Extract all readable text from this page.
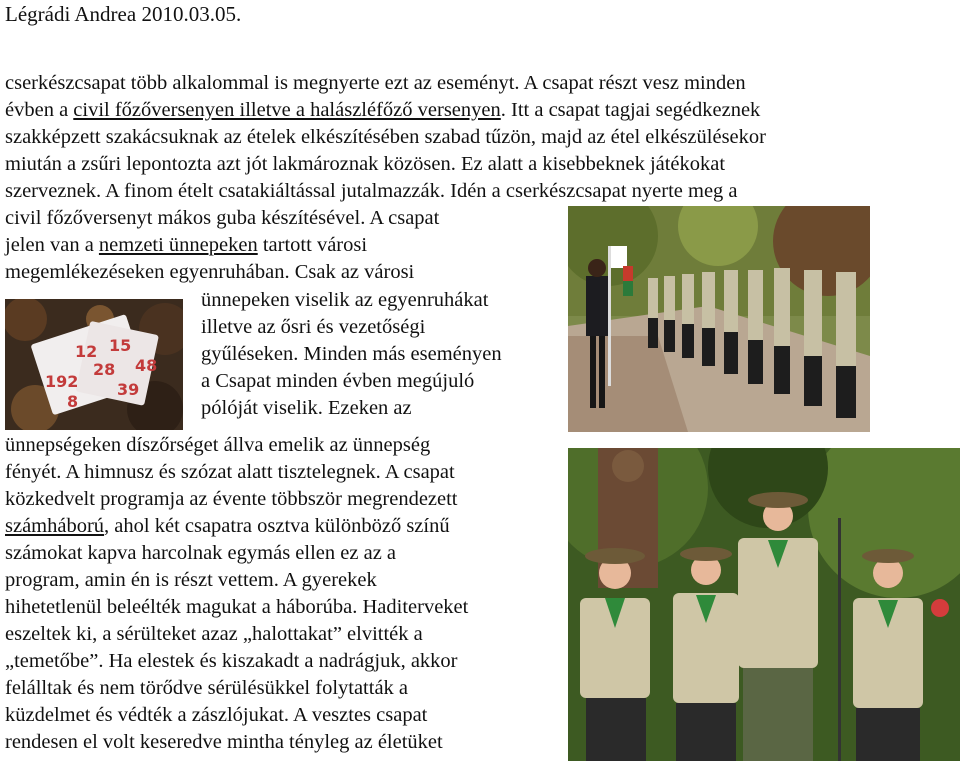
Légrádi Andrea 2010.03.05.
cserkészcsapat több alkalommal is megnyerte ezt az eseményt. A csapat részt vesz minden
évben a civil főzőversenyen illetve a halászléfőző versenyen. Itt a csapat tagjai segédkeznek
szakképzett szakácsuknak az ételek elkészítésében szabad tűzön, majd az étel elkészülésekor
miután a zsűri lepontozta azt jót lakmároznak közösen. Ez alatt a kisebbeknek játékokat
szerveznek. A finom ételt csatakiáltással jutalmazzák. Idén a cserkészcsapat nyerte meg a
civil főzőversenyt mákos guba készítésével. A csapat
jelen van a nemzeti ünnepeken tartott városi
megemlékezéseken egyenruhában. Csak az városi
ünnepeken viselik az egyenruhákat
illetve az ősri és vezetőségi
gyűléseken. Minden más eseményen
a Csapat minden évben megújuló
pólóját viselik. Ezeken az
ünnepségeken díszőrséget állva emelik az ünnepség
fényét. A himnusz és szózat alatt tisztelegnek. A csapat
közkedvelt programja az évente többször megrendezett
számháború, ahol két csapatra osztva különböző színű
számokat kapva harcolnak egymás ellen ez az a
program, amin én is részt vettem. A gyerekek
hihetetlenül beleélték magukat a háborúba. Haditerveket
eszeltek ki, a sérülteket azaz „halottakat” elvitték a
„temetőbe”. Ha elestek és kiszakadt a nadrágjuk, akkor
felálltak és nem törődve sérülésükkel folytatták a
küzdelmet és védték a zászlójukat. A vesztes csapat
rendesen el volt keseredve mintha tényleg az életüket
12 15
28
39
192
8
48
